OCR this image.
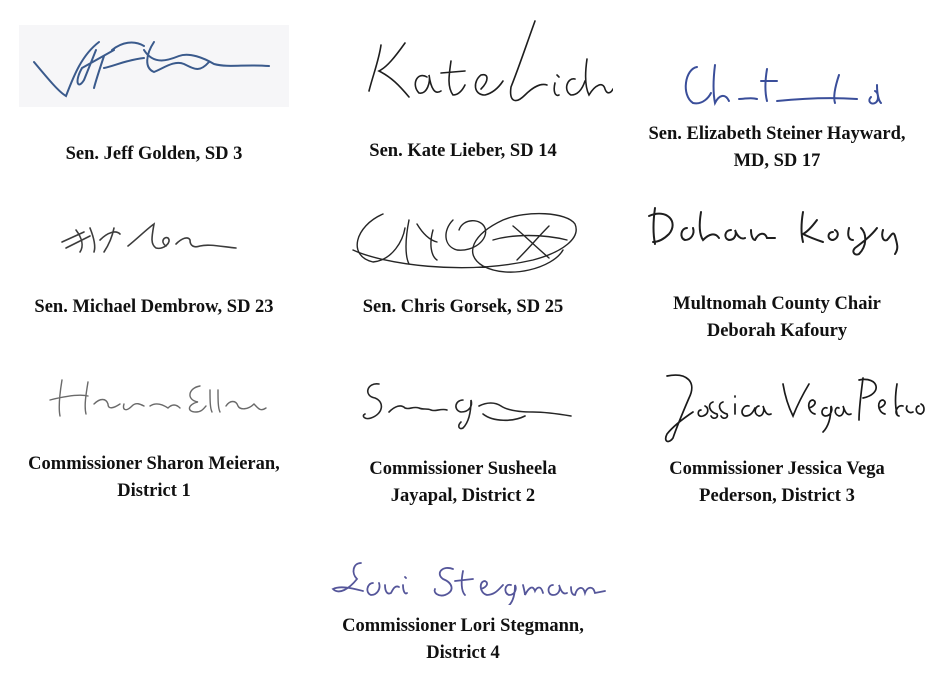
Sen. Jeff Golden, SD 3	Sen. Kate Lieber, SD 14

Sen. Elizabeth Steiner Hayward,
MD, SD 17

Sen. Michael Dembrow, SD 23	Sen. Chris Gorsek, SD 25	Multnomah County Chair
Deborah Kafoury

Commissioner Sharon Meieran,
District 1

Commissioner Susheela
Jayapal, District 2

Commissioner Jessica Vega
Pederson, District 3

Commissioner Lori Stegmann,
District 4
